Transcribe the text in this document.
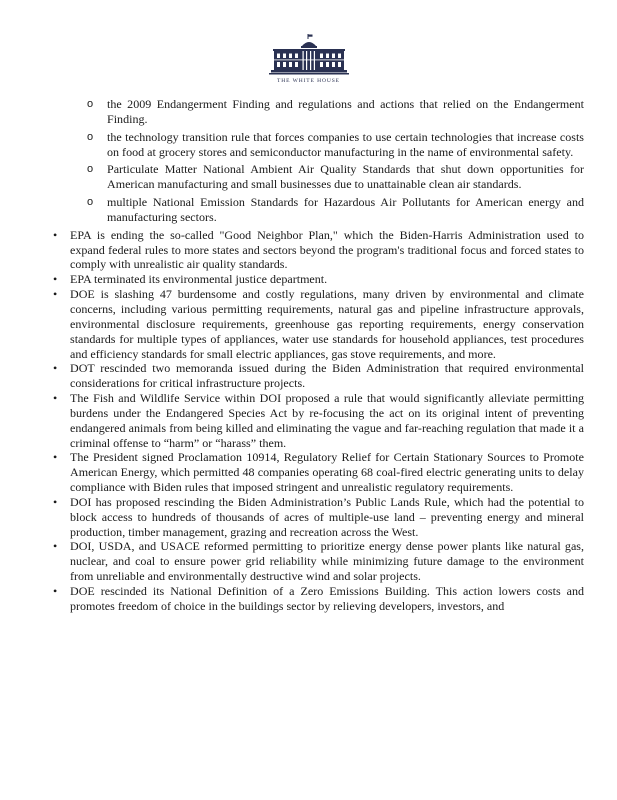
THE WHITE HOUSE
o the 2009 Endangerment Finding and regulations and actions that relied on the Endangerment Finding.
o the technology transition rule that forces companies to use certain technologies that increase costs on food at grocery stores and semiconductor manufacturing in the name of environmental safety.
o Particulate Matter National Ambient Air Quality Standards that shut down opportunities for American manufacturing and small businesses due to unattainable clean air standards.
o multiple National Emission Standards for Hazardous Air Pollutants for American energy and manufacturing sectors.
• EPA is ending the so-called "Good Neighbor Plan," which the Biden-Harris Administration used to expand federal rules to more states and sectors beyond the program's traditional focus and forced states to comply with unrealistic air quality standards.
• EPA terminated its environmental justice department.
• DOE is slashing 47 burdensome and costly regulations, many driven by environmental and climate concerns, including various permitting requirements, natural gas and pipeline infrastructure approvals, environmental disclosure requirements, greenhouse gas reporting requirements, energy conservation standards for multiple types of appliances, water use standards for household appliances, test procedures and efficiency standards for small electric appliances, gas stove requirements, and more.
• DOT rescinded two memoranda issued during the Biden Administration that required environmental considerations for critical infrastructure projects.
• The Fish and Wildlife Service within DOI proposed a rule that would significantly alleviate permitting burdens under the Endangered Species Act by re-focusing the act on its original intent of preventing endangered animals from being killed and eliminating the vague and far-reaching regulation that made it a criminal offense to “harm” or “harass” them.
• The President signed Proclamation 10914, Regulatory Relief for Certain Stationary Sources to Promote American Energy, which permitted 48 companies operating 68 coal-fired electric generating units to delay compliance with Biden rules that imposed stringent and unrealistic regulatory requirements.
• DOI has proposed rescinding the Biden Administration’s Public Lands Rule, which had the potential to block access to hundreds of thousands of acres of multiple-use land – preventing energy and mineral production, timber management, grazing and recreation across the West.
• DOI, USDA, and USACE reformed permitting to prioritize energy dense power plants like natural gas, nuclear, and coal to ensure power grid reliability while minimizing future damage to the environment from unreliable and environmentally destructive wind and solar projects.
• DOE rescinded its National Definition of a Zero Emissions Building. This action lowers costs and promotes freedom of choice in the buildings sector by relieving developers, investors, and
